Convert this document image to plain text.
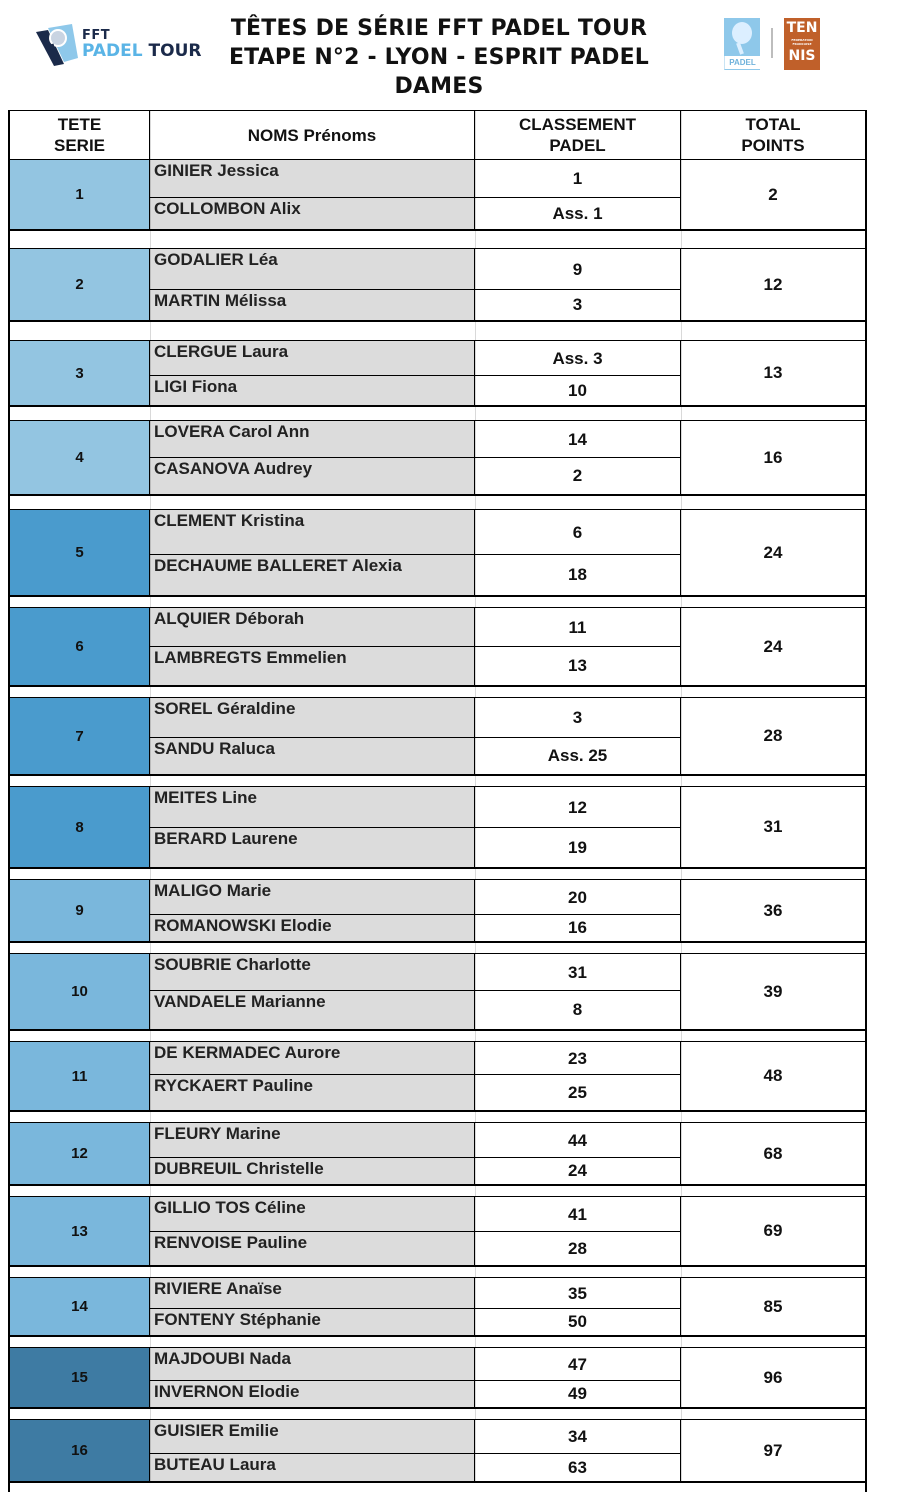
TÊTES DE SÉRIE FFT PADEL TOUR
ETAPE N°2 - LYON - ESPRIT PADEL
DAMES
FFT
PADEL TOUR
PADEL
TEN
FEDERATION FRANCAISE
NIS
TETE
SERIE
NOMS Prénoms
CLASSEMENT
PADEL
TOTAL
POINTS
1
GINIER Jessica
COLLOMBON Alix
1
Ass. 1
2
2
GODALIER Léa
MARTIN Mélissa
9
3
12
3
CLERGUE Laura
LIGI Fiona
Ass. 3
10
13
4
LOVERA Carol Ann
CASANOVA Audrey
14
2
16
5
CLEMENT Kristina
DECHAUME BALLERET Alexia
6
18
24
6
ALQUIER Déborah
LAMBREGTS Emmelien
11
13
24
7
SOREL Géraldine
SANDU Raluca
3
Ass. 25
28
8
MEITES Line
BERARD Laurene
12
19
31
9
MALIGO Marie
ROMANOWSKI Elodie
20
16
36
10
SOUBRIE Charlotte
VANDAELE Marianne
31
8
39
11
DE KERMADEC Aurore
RYCKAERT Pauline
23
25
48
12
FLEURY Marine
DUBREUIL Christelle
44
24
68
13
GILLIO TOS Céline
RENVOISE Pauline
41
28
69
14
RIVIERE Anaïse
FONTENY Stéphanie
35
50
85
15
MAJDOUBI Nada
INVERNON Elodie
47
49
96
16
GUISIER Emilie
BUTEAU Laura
34
63
97
